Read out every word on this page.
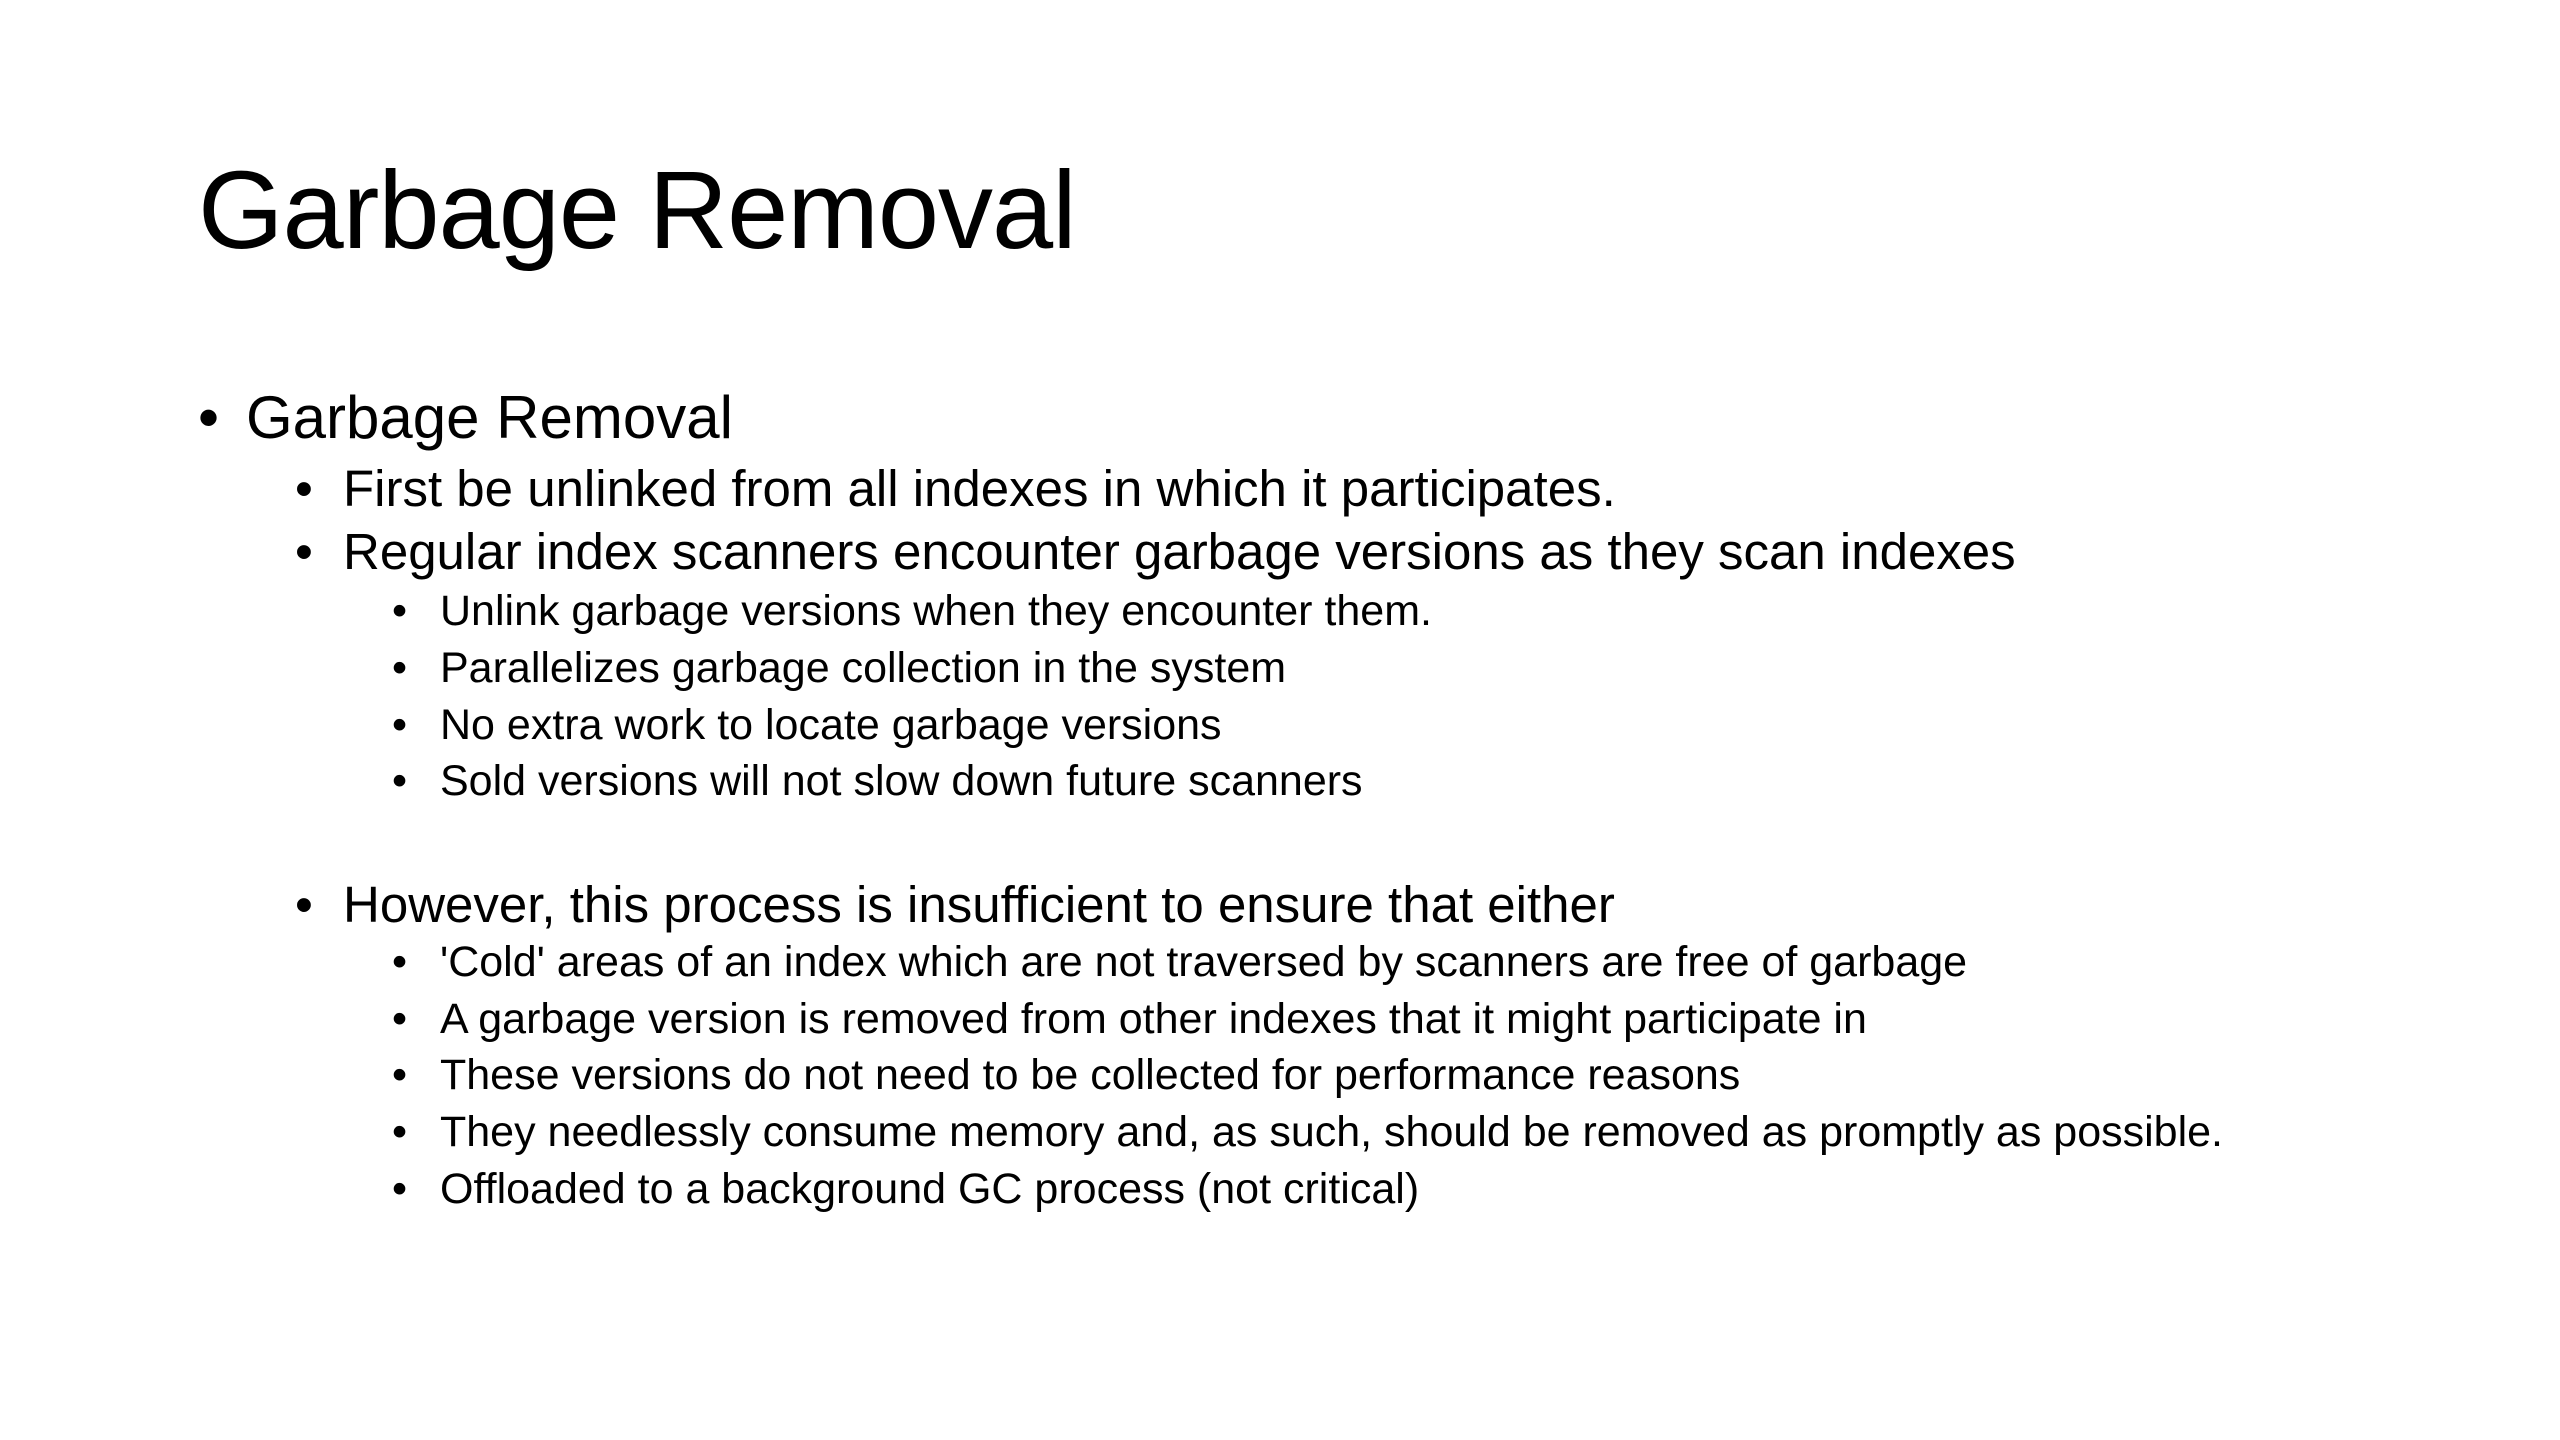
Garbage Removal
• Garbage Removal
• First be unlinked from all indexes in which it participates.
• Regular index scanners encounter garbage versions as they scan indexes
• Unlink garbage versions when they encounter them.
• Parallelizes garbage collection in the system
• No extra work to locate garbage versions
• Sold versions will not slow down future scanners
• However, this process is insufficient to ensure that either
• 'Cold' areas of an index which are not traversed by scanners are free of garbage
• A garbage version is removed from other indexes that it might participate in
• These versions do not need to be collected for performance reasons
• They needlessly consume memory and, as such, should be removed as promptly as possible.
• Offloaded to a background GC process (not critical)
